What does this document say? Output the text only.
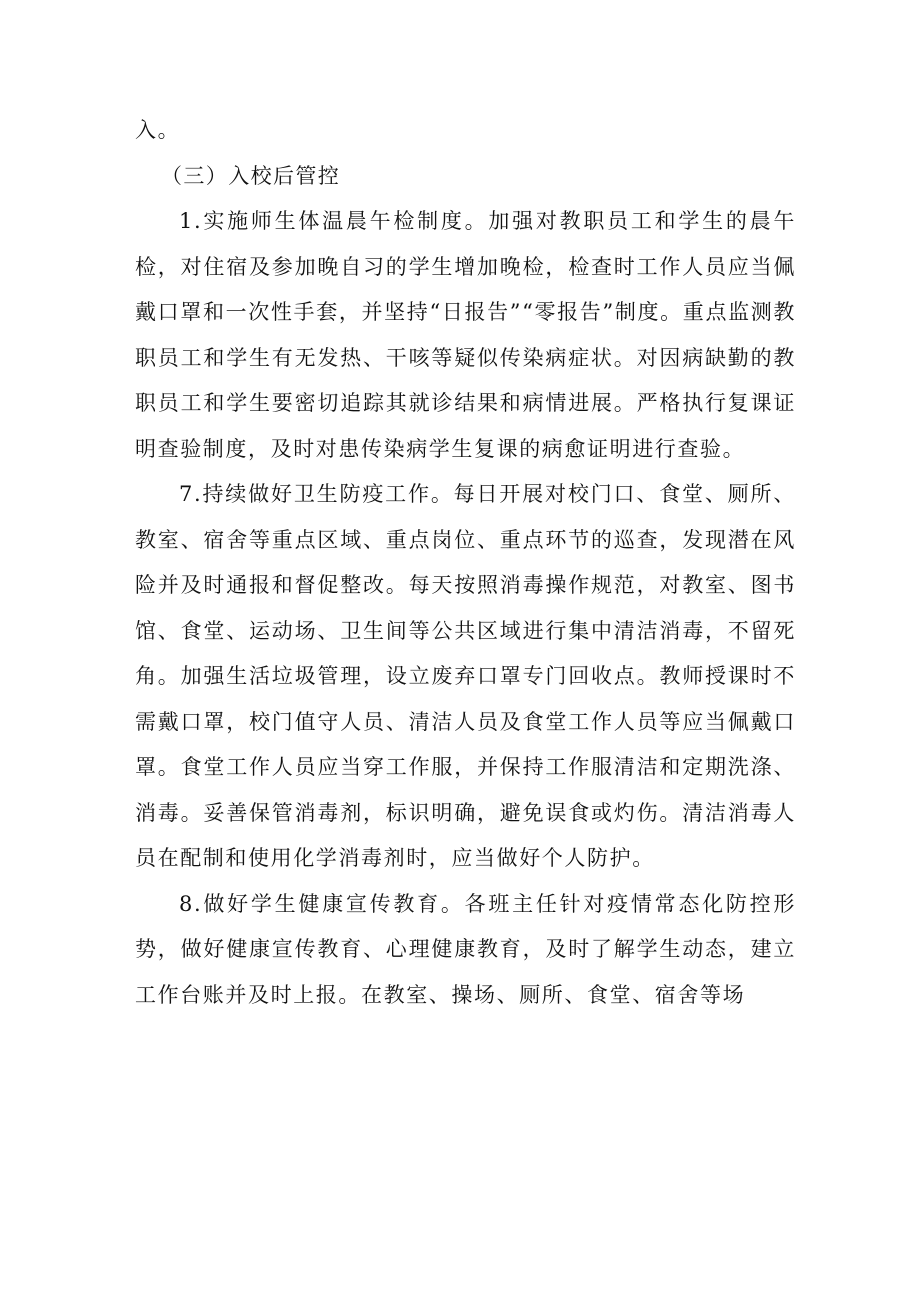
入。

（三）入校后管控

1.实施师生体温晨午检制度。加强对教职员工和学生的晨午检，对住宿及参加晚自习的学生增加晚检，检查时工作人员应当佩戴口罩和一次性手套，并坚持“日报告”“零报告”制度。重点监测教职员工和学生有无发热、干咳等疑似传染病症状。对因病缺勤的教职员工和学生要密切追踪其就诊结果和病情进展。严格执行复课证明查验制度，及时对患传染病学生复课的病愈证明进行查验。

7.持续做好卫生防疫工作。每日开展对校门口、食堂、厕所、教室、宿舍等重点区域、重点岗位、重点环节的巡查，发现潜在风险并及时通报和督促整改。每天按照消毒操作规范，对教室、图书馆、食堂、运动场、卫生间等公共区域进行集中清洁消毒，不留死角。加强生活垃圾管理，设立废弃口罩专门回收点。教师授课时不需戴口罩，校门值守人员、清洁人员及食堂工作人员等应当佩戴口罩。食堂工作人员应当穿工作服，并保持工作服清洁和定期洗涤、消毒。妥善保管消毒剂，标识明确，避免误食或灼伤。清洁消毒人员在配制和使用化学消毒剂时，应当做好个人防护。

8.做好学生健康宣传教育。各班主任针对疫情常态化防控形势，做好健康宣传教育、心理健康教育，及时了解学生动态，建立工作台账并及时上报。在教室、操场、厕所、食堂、宿舍等场
